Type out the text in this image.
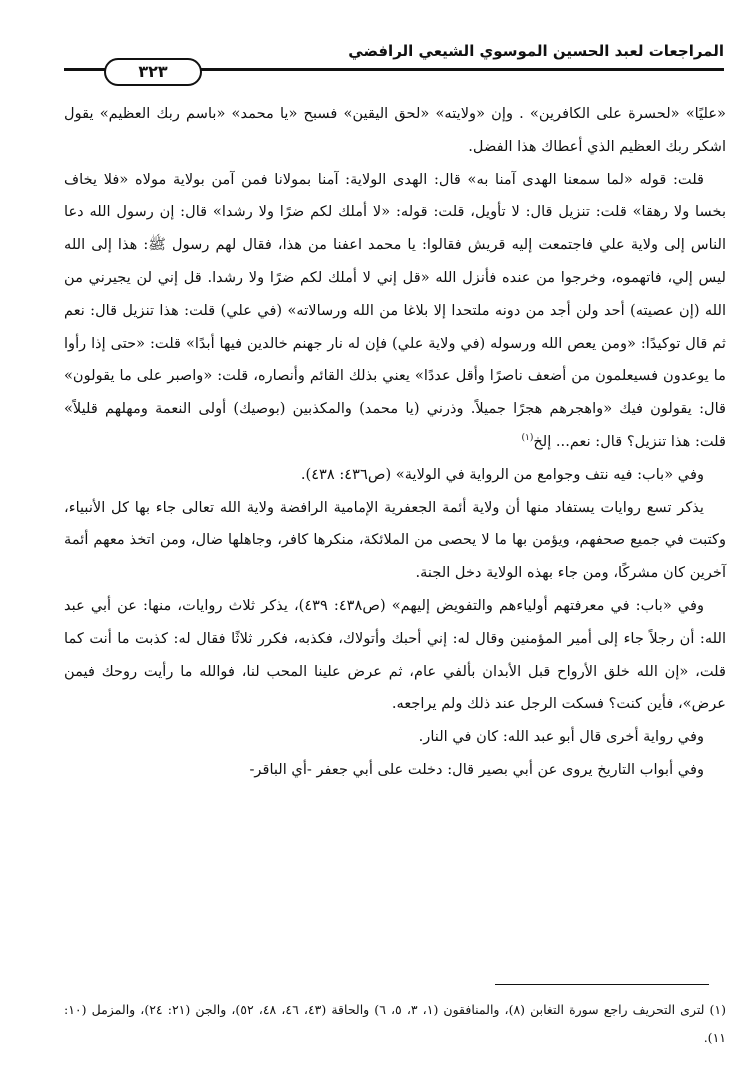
المراجعات لعبد الحسين الموسوي الشيعي الرافضي
٣٢٣

«عليًا» «لحسرة على الكافرين» . وإن «ولايته» «لحق اليقين» فسبح «يا محمد» «باسم ربك العظيم» يقول اشكر ربك العظيم الذي أعطاك هذا الفضل.

قلت: قوله «لما سمعنا الهدى آمنا به» قال: الهدى الولاية: آمنا بمولانا فمن آمن بولاية مولاه «فلا يخاف بخسا ولا رهقا» قلت: تنزيل قال: لا تأويل، قلت: قوله: «لا أملك لكم ضرًا ولا رشدا» قال: إن رسول الله دعا الناس إلى ولاية علي فاجتمعت إليه قريش فقالوا: يا محمد اعفنا من هذا، فقال لهم رسول ﷺ: هذا إلى الله ليس إلي، فاتهموه، وخرجوا من عنده فأنزل الله «قل إني لا أملك لكم ضرًا ولا رشدا. قل إني لن يجيرني من الله (إن عصيته) أحد ولن أجد من دونه ملتحدا إلا بلاغا من الله ورسالاته» (في علي) قلت: هذا تنزيل قال: نعم ثم قال توكيدًا: «ومن يعص الله ورسوله (في ولاية علي) فإن له نار جهنم خالدين فيها أبدًا» قلت: «حتى إذا رأوا ما يوعدون فسيعلمون من أضعف ناصرًا وأقل عددًا» يعني بذلك القائم وأنصاره، قلت: «واصبر على ما يقولون» قال: يقولون فيك «واهجرهم هجرًا جميلاً. وذرني (يا محمد) والمكذبين (بوصيك) أولى النعمة ومهلهم قليلاً» قلت: هذا تنزيل؟ قال: نعم... إلخ$^{(١)}$

وفي «باب: فيه نتف وجوامع من الرواية في الولاية» (ص٤٣٦: ٤٣٨).

يذكر تسع روايات يستفاد منها أن ولاية أئمة الجعفرية الإمامية الرافضة ولاية الله تعالى جاء بها كل الأنبياء، وكتبت في جميع صحفهم، ويؤمن بها ما لا يحصى من الملائكة، منكرها كافر، وجاهلها ضال، ومن اتخذ معهم أئمة آخرين كان مشركًا، ومن جاء بهذه الولاية دخل الجنة.

وفي «باب: في معرفتهم أولياءهم والتفويض إليهم» (ص٤٣٨: ٤٣٩)، يذكر ثلاث روايات، منها: عن أبي عبد الله: أن رجلاً جاء إلى أمير المؤمنين وقال له: إني أحبك وأتولاك، فكذبه، فكرر ثلاثًا فقال له: كذبت ما أنت كما قلت، «إن الله خلق الأرواح قبل الأبدان بألفي عام، ثم عرض علينا المحب لنا، فوالله ما رأيت روحك فيمن عرض»، فأين كنت؟ فسكت الرجل عند ذلك ولم يراجعه.

وفي رواية أخرى قال أبو عبد الله: كان في النار.

وفي أبواب التاريخ يروى عن أبي بصير قال: دخلت على أبي جعفر -أي الباقر-

(١) لترى التحريف راجع سورة التغابن (٨)، والمنافقون (١، ٣، ٥، ٦) والحاقة (٤٣، ٤٦، ٤٨، ٥٢)، والجن (٢١: ٢٤)، والمزمل (١٠: ١١).
